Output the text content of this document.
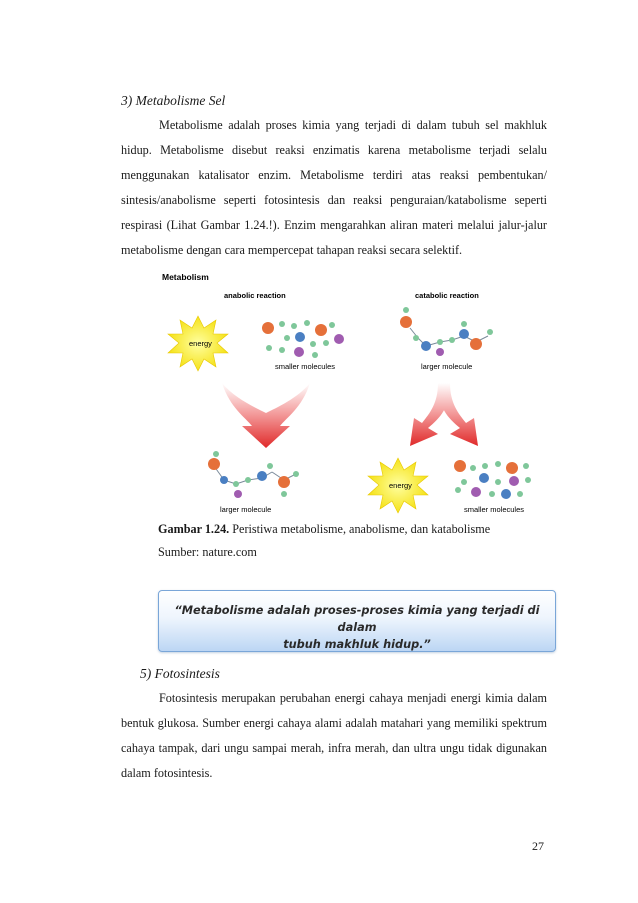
3) Metabolisme Sel
Metabolisme adalah proses kimia yang terjadi di dalam tubuh sel makhluk hidup. Metabolisme disebut reaksi enzimatis karena metabolisme terjadi selalu menggunakan katalisator enzim. Metabolisme terdiri atas reaksi pembentukan/ sintesis/anabolisme seperti fotosintesis dan reaksi penguraian/katabolisme seperti respirasi (Lihat Gambar 1.24.!). Enzim mengarahkan aliran materi melalui jalur-jalur metabolisme dengan cara mempercepat tahapan reaksi secara selektif.
Metabolism
anabolic reaction	catabolic reaction
energy
smaller molecules	larger molecule
larger molecule
energy
smaller molecules
Gambar 1.24. Peristiwa metabolisme, anabolisme, dan katabolisme
Sumber: nature.com
“Metabolisme adalah proses-proses kimia yang terjadi di dalam
tubuh makhluk hidup.”
5) Fotosintesis
Fotosintesis merupakan perubahan energi cahaya menjadi energi kimia dalam bentuk glukosa. Sumber energi cahaya alami adalah matahari yang memiliki spektrum cahaya tampak, dari ungu sampai merah, infra merah, dan ultra ungu tidak digunakan dalam fotosintesis.
27
